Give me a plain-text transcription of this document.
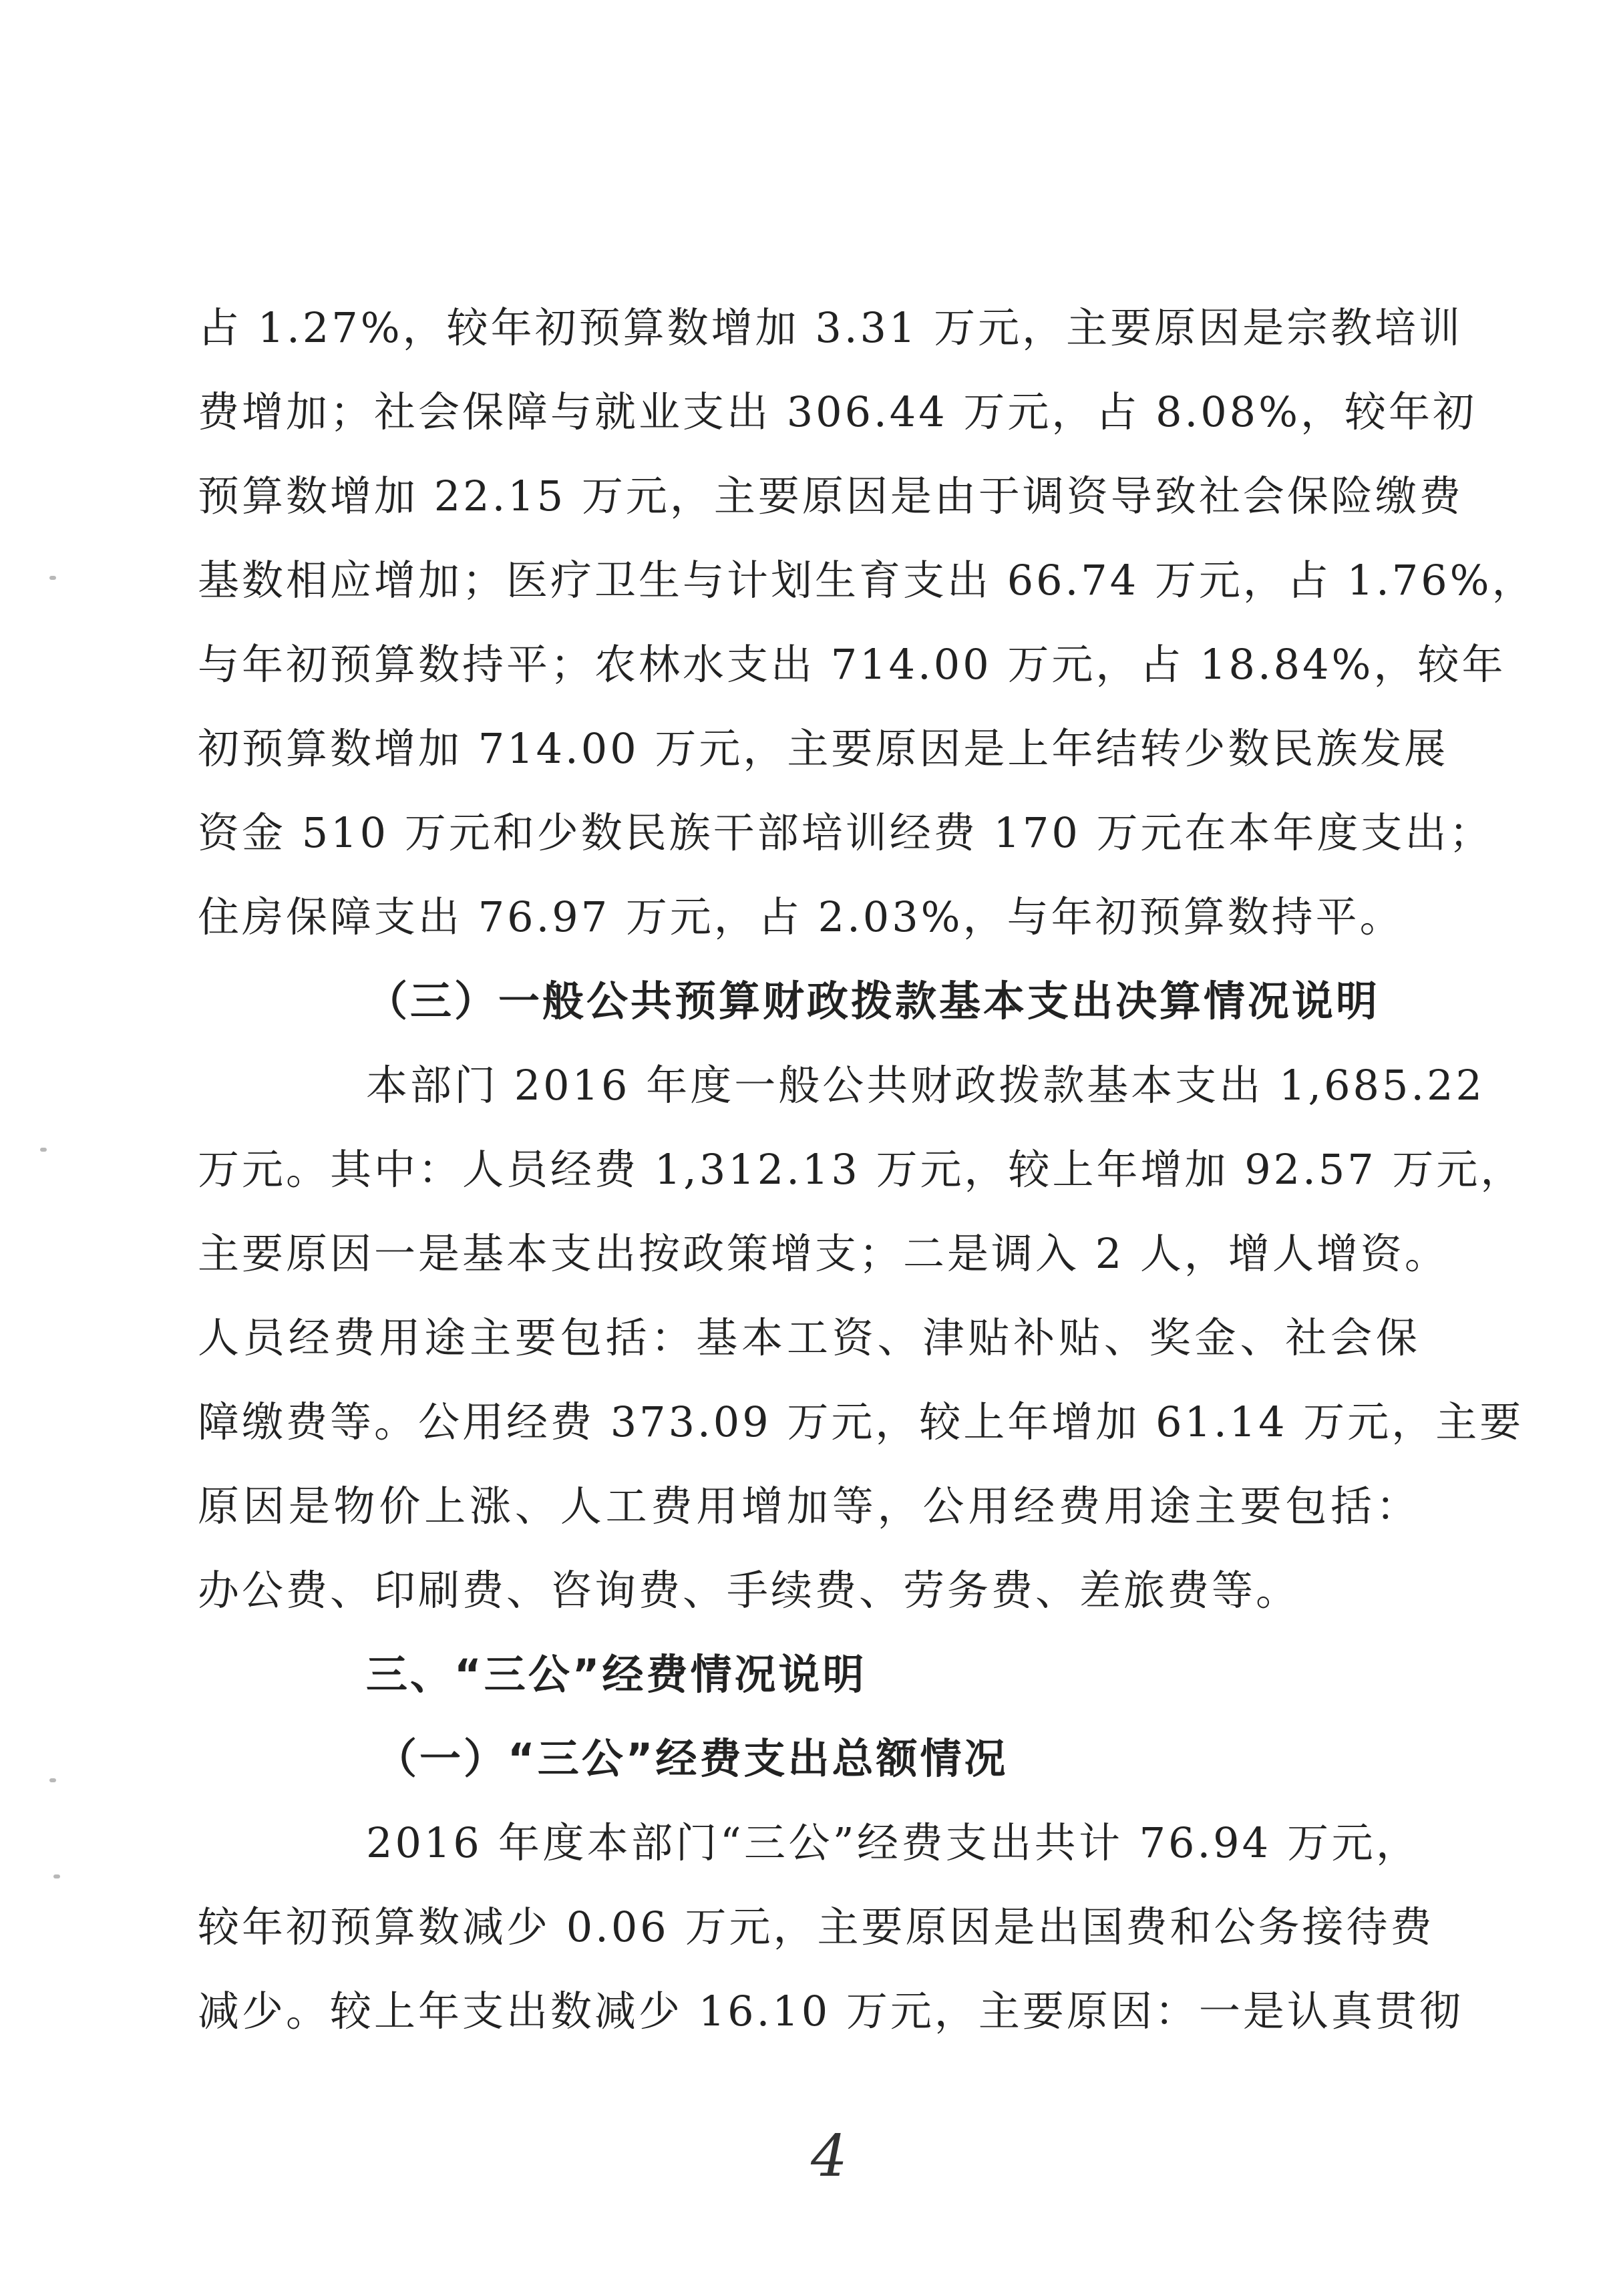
占 1.27%，较年初预算数增加 3.31 万元，主要原因是宗教培训
费增加；社会保障与就业支出 306.44 万元，占 8.08%，较年初
预算数增加 22.15 万元，主要原因是由于调资导致社会保险缴费
基数相应增加；医疗卫生与计划生育支出 66.74 万元，占 1.76%，
与年初预算数持平；农林水支出 714.00 万元，占 18.84%，较年
初预算数增加 714.00 万元，主要原因是上年结转少数民族发展
资金 510 万元和少数民族干部培训经费 170 万元在本年度支出；
住房保障支出 76.97 万元，占 2.03%，与年初预算数持平。
（三）一般公共预算财政拨款基本支出决算情况说明
本部门 2016 年度一般公共财政拨款基本支出 1,685.22
万元。其中：人员经费 1,312.13 万元，较上年增加 92.57 万元，
主要原因一是基本支出按政策增支；二是调入 2 人，增人增资。
人员经费用途主要包括：基本工资、津贴补贴、奖金、社会保
障缴费等。公用经费 373.09 万元，较上年增加 61.14 万元，主要
原因是物价上涨、人工费用增加等，公用经费用途主要包括：
办公费、印刷费、咨询费、手续费、劳务费、差旅费等。
三、“三公”经费情况说明
（一）“三公”经费支出总额情况
2016 年度本部门“三公”经费支出共计 76.94 万元，
较年初预算数减少 0.06 万元，主要原因是出国费和公务接待费
减少。较上年支出数减少 16.10 万元，主要原因：一是认真贯彻
4
